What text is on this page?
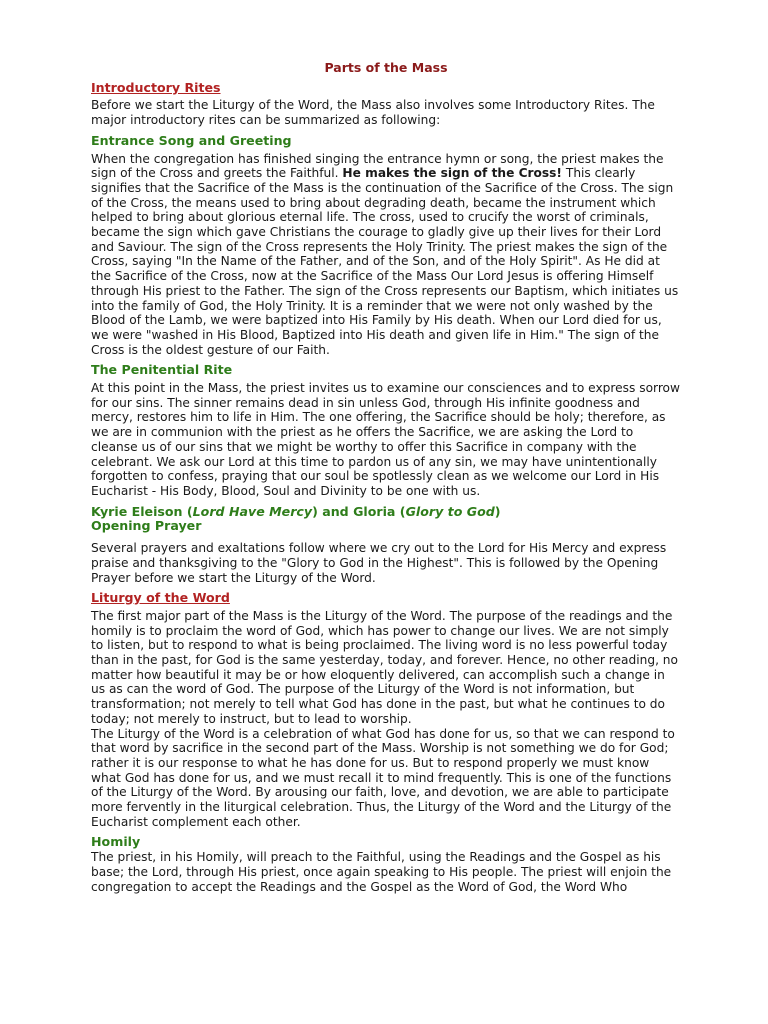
Parts of the Mass
Introductory Rites

Before we start the Liturgy of the Word, the Mass also involves some Introductory Rites. The major introductory rites can be summarized as following:

Entrance Song and Greeting

When the congregation has finished singing the entrance hymn or song, the priest makes the sign of the Cross and greets the Faithful. He makes the sign of the Cross! This clearly signifies that the Sacrifice of the Mass is the continuation of the Sacrifice of the Cross. The sign of the Cross, the means used to bring about degrading death, became the instrument which helped to bring about glorious eternal life. The cross, used to crucify the worst of criminals, became the sign which gave Christians the courage to gladly give up their lives for their Lord and Saviour. The sign of the Cross represents the Holy Trinity. The priest makes the sign of the Cross, saying "In the Name of the Father, and of the Son, and of the Holy Spirit". As He did at the Sacrifice of the Cross, now at the Sacrifice of the Mass Our Lord Jesus is offering Himself through His priest to the Father. The sign of the Cross represents our Baptism, which initiates us into the family of God, the Holy Trinity. It is a reminder that we were not only washed by the Blood of the Lamb, we were baptized into His Family by His death. When our Lord died for us, we were "washed in His Blood, Baptized into His death and given life in Him." The sign of the Cross is the oldest gesture of our Faith.

The Penitential Rite

At this point in the Mass, the priest invites us to examine our consciences and to express sorrow for our sins. The sinner remains dead in sin unless God, through His infinite goodness and mercy, restores him to life in Him. The one offering, the Sacrifice should be holy; therefore, as we are in communion with the priest as he offers the Sacrifice, we are asking the Lord to cleanse us of our sins that we might be worthy to offer this Sacrifice in company with the celebrant. We ask our Lord at this time to pardon us of any sin, we may have unintentionally forgotten to confess, praying that our soul be spotlessly clean as we welcome our Lord in His Eucharist - His Body, Blood, Soul and Divinity to be one with us.

Kyrie Eleison (Lord Have Mercy) and Gloria (Glory to God)
Opening Prayer

Several prayers and exaltations follow where we cry out to the Lord for His Mercy and express praise and thanksgiving to the "Glory to God in the Highest". This is followed by the Opening Prayer before we start the Liturgy of the Word.

Liturgy of the Word

The first major part of the Mass is the Liturgy of the Word. The purpose of the readings and the homily is to proclaim the word of God, which has power to change our lives. We are not simply to listen, but to respond to what is being proclaimed. The living word is no less powerful today than in the past, for God is the same yesterday, today, and forever. Hence, no other reading, no matter how beautiful it may be or how eloquently delivered, can accomplish such a change in us as can the word of God. The purpose of the Liturgy of the Word is not information, but transformation; not merely to tell what God has done in the past, but what he continues to do today; not merely to instruct, but to lead to worship.

The Liturgy of the Word is a celebration of what God has done for us, so that we can respond to that word by sacrifice in the second part of the Mass. Worship is not something we do for God; rather it is our response to what he has done for us. But to respond properly we must know what God has done for us, and we must recall it to mind frequently. This is one of the functions of the Liturgy of the Word. By arousing our faith, love, and devotion, we are able to participate more fervently in the liturgical celebration. Thus, the Liturgy of the Word and the Liturgy of the Eucharist complement each other.

Homily

The priest, in his Homily, will preach to the Faithful, using the Readings and the Gospel as his base; the Lord, through His priest, once again speaking to His people. The priest will enjoin the congregation to accept the Readings and the Gospel as the Word of God, the Word Who
